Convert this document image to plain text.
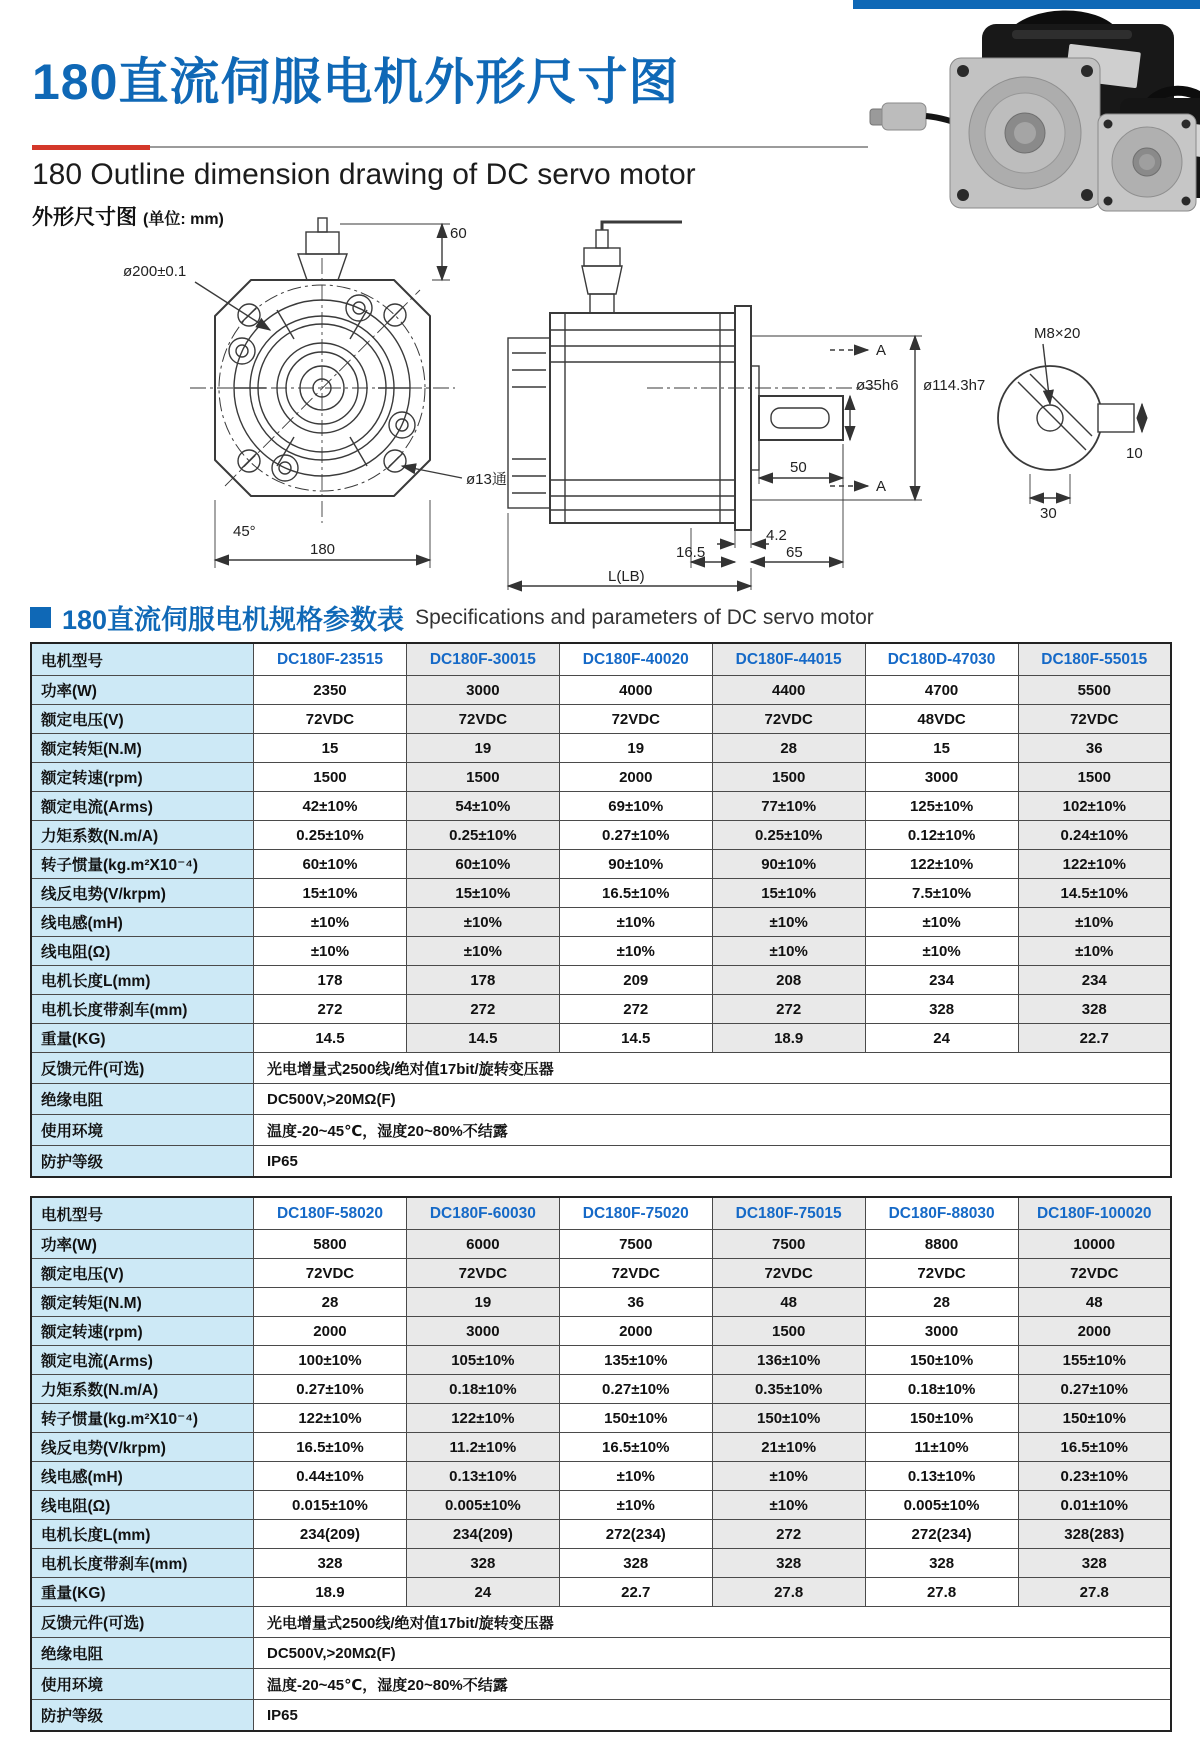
180直流伺服电机外形尺寸图
180 Outline dimension drawing of DC servo motor
外形尺寸图 (单位: mm)
ø200±0.1
60
ø13通
45°
180
A
A
ø114.3h7
ø35h6
50
4.2
16.5	65
L(LB)
M8×20
30
10
180直流伺服电机规格参数表 Specifications and parameters of DC servo motor
电机型号	DC180F-23515	DC180F-30015	DC180F-40020	DC180F-44015	DC180D-47030	DC180F-55015
功率(W)	2350	3000	4000	4400	4700	5500
额定电压(V)	72VDC	72VDC	72VDC	72VDC	48VDC	72VDC
额定转矩(N.M)	15	19	19	28	15	36
额定转速(rpm)	1500	1500	2000	1500	3000	1500
额定电流(Arms)	42±10%	54±10%	69±10%	77±10%	125±10%	102±10%
力矩系数(N.m/A)	0.25±10%	0.25±10%	0.27±10%	0.25±10%	0.12±10%	0.24±10%
转子惯量(kg.m²X10⁻⁴)	60±10%	60±10%	90±10%	90±10%	122±10%	122±10%
线反电势(V/krpm)	15±10%	15±10%	16.5±10%	15±10%	7.5±10%	14.5±10%
线电感(mH)	±10%	±10%	±10%	±10%	±10%	±10%
线电阻(Ω)	±10%	±10%	±10%	±10%	±10%	±10%
电机长度L(mm)	178	178	209	208	234	234
电机长度带刹车(mm)	272	272	272	272	328	328
重量(KG)	14.5	14.5	14.5	18.9	24	22.7
反馈元件(可选)	光电增量式2500线/绝对值17bit/旋转变压器					
绝缘电阻	DC500V,>20MΩ(F)					
使用环境	温度-20~45℃，湿度20~80%不结露					
防护等级	IP65					
电机型号	DC180F-58020	DC180F-60030	DC180F-75020	DC180F-75015	DC180F-88030	DC180F-100020
功率(W)	5800	6000	7500	7500	8800	10000
额定电压(V)	72VDC	72VDC	72VDC	72VDC	72VDC	72VDC
额定转矩(N.M)	28	19	36	48	28	48
额定转速(rpm)	2000	3000	2000	1500	3000	2000
额定电流(Arms)	100±10%	105±10%	135±10%	136±10%	150±10%	155±10%
力矩系数(N.m/A)	0.27±10%	0.18±10%	0.27±10%	0.35±10%	0.18±10%	0.27±10%
转子惯量(kg.m²X10⁻⁴)	122±10%	122±10%	150±10%	150±10%	150±10%	150±10%
线反电势(V/krpm)	16.5±10%	11.2±10%	16.5±10%	21±10%	11±10%	16.5±10%
线电感(mH)	0.44±10%	0.13±10%	±10%	±10%	0.13±10%	0.23±10%
线电阻(Ω)	0.015±10%	0.005±10%	±10%	±10%	0.005±10%	0.01±10%
电机长度L(mm)	234(209)	234(209)	272(234)	272	272(234)	328(283)
电机长度带刹车(mm)	328	328	328	328	328	328
重量(KG)	18.9	24	22.7	27.8	27.8	27.8
反馈元件(可选)	光电增量式2500线/绝对值17bit/旋转变压器					
绝缘电阻	DC500V,>20MΩ(F)					
使用环境	温度-20~45℃，湿度20~80%不结露					
防护等级	IP65					
